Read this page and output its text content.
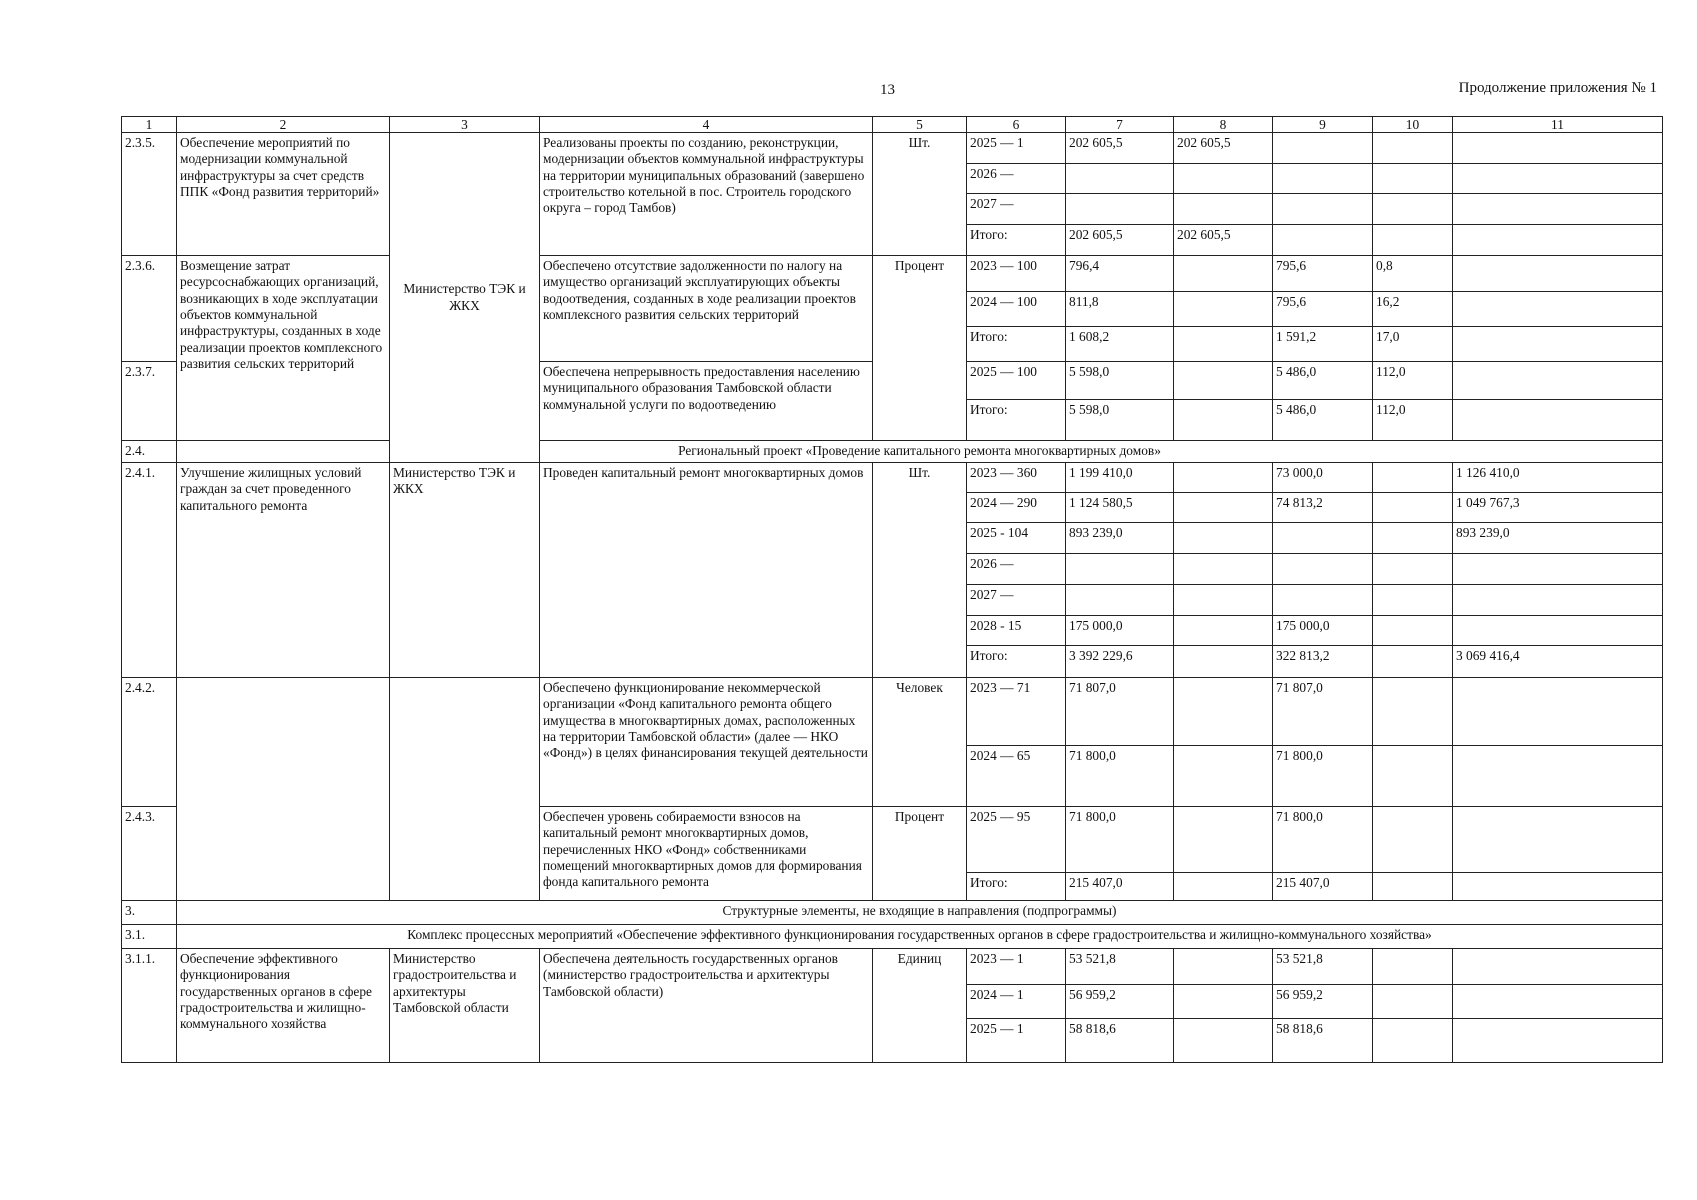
13	Продолжение приложения № 1
1	2	3	4	5	6	7	8	9	10	11
2.3.5.	Обеспечение мероприятий по модернизации коммунальной инфраструктуры за счет средств ППК «Фонд развития территорий»	Министерство ТЭК и ЖКХ	Реализованы проекты по созданию, реконструкции, модернизации объектов коммунальной инфраструктуры на территории муниципальных образований (завершено строительство котельной в пос. Строитель городского округа – город Тамбов)	Шт.	2025 — 1	202 605,5	202 605,5			
					2026 —					
					2027 —					
					Итого:	202 605,5	202 605,5			
2.3.6.	Возмещение затрат ресурсоснабжающих организаций, возникающих в ходе эксплуатации объектов коммунальной инфраструктуры, созданных в ходе реализации проектов комплексного развития сельских территорий		Обеспечено отсутствие задолженности по налогу на имущество организаций эксплуатирующих объекты водоотведения, созданных в ходе реализации проектов комплексного развития сельских территорий	Процент	2023 — 100	796,4		795,6	0,8	
					2024 — 100	811,8		795,6	16,2	
					Итого:	1 608,2		1 591,2	17,0	
2.3.7.			Обеспечена непрерывность предоставления населению муниципального образования Тамбовской области коммунальной услуги по водоотведению		2025 — 100	5 598,0		5 486,0	112,0	
					Итого:	5 598,0		5 486,0	112,0	
2.4.	Региональный проект «Проведение капитального ремонта многоквартирных домов»									
2.4.1.	Улучшение жилищных условий граждан за счет проведенного капитального ремонта	Министерство ТЭК и ЖКХ	Проведен капитальный ремонт многоквартирных домов	Шт.	2023 — 360	1 199 410,0		73 000,0		1 126 410,0
					2024 — 290	1 124 580,5		74 813,2		1 049 767,3
					2025 - 104	893 239,0				893 239,0
					2026 —					
					2027 —					
					2028 - 15	175 000,0		175 000,0		
					Итого:	3 392 229,6		322 813,2		3 069 416,4
2.4.2.			Обеспечено функционирование некоммерческой организации «Фонд капитального ремонта общего имущества в многоквартирных домах, расположенных на территории Тамбовской области» (далее — НКО «Фонд») в целях финансирования текущей деятельности	Человек	2023 — 71	71 807,0		71 807,0		
					2024 — 65	71 800,0		71 800,0		
2.4.3.			Обеспечен уровень собираемости взносов на капитальный ремонт многоквартирных домов, перечисленных НКО «Фонд» собственниками помещений многоквартирных домов для формирования фонда капитального ремонта	Процент	2025 — 95	71 800,0		71 800,0		
					Итого:	215 407,0		215 407,0		
3.	Структурные элементы, не входящие в направления (подпрограммы)									
3.1.	Комплекс процессных мероприятий «Обеспечение эффективного функционирования государственных органов в сфере градостроительства и жилищно-коммунального хозяйства»									
3.1.1.	Обеспечение эффективного функционирования государственных органов в сфере градостроительства и жилищно-коммунального хозяйства	Министерство градостроительства и архитектуры Тамбовской области	Обеспечена деятельность государственных органов (министерство градостроительства и архитектуры Тамбовской области)	Единиц	2023 — 1	53 521,8		53 521,8		
					2024 — 1	56 959,2		56 959,2		
					2025 — 1	58 818,6		58 818,6		
